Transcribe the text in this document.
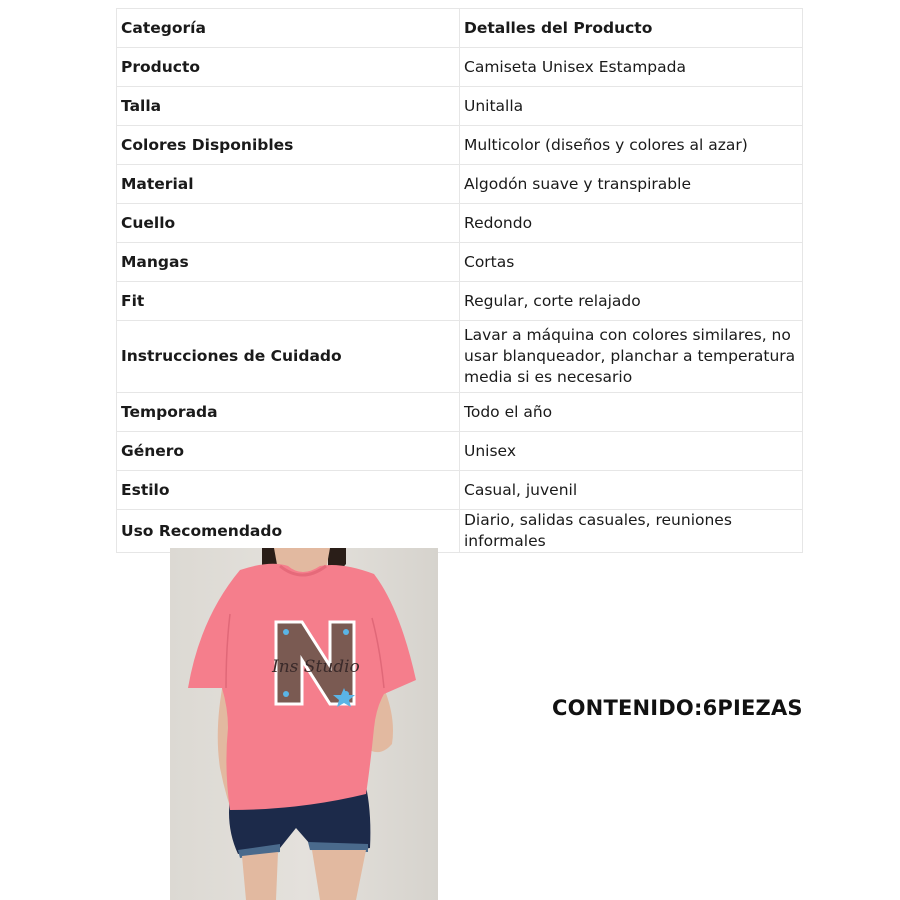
Categoría	Detalles del Producto
Producto	Camiseta Unisex Estampada
Talla	Unitalla
Colores Disponibles	Multicolor (diseños y colores al azar)
Material	Algodón suave y transpirable
Cuello	Redondo
Mangas	Cortas
Fit	Regular, corte relajado
Instrucciones de Cuidado	Lavar a máquina con colores similares, no usar blanqueador, planchar a temperatura media si es necesario
Temporada	Todo el año
Género	Unisex
Estilo	Casual, juvenil
Uso Recomendado	Diario, salidas casuales, reuniones informales
Ins Studio
CONTENIDO:6PIEZAS
